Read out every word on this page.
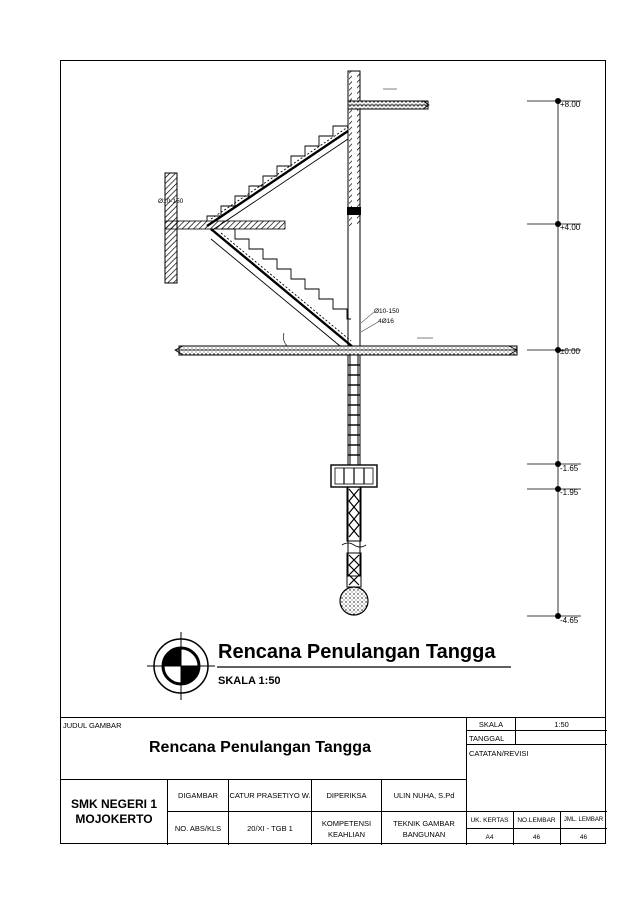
+8.00
+4.00
±0.00
-1.65
-1.95
-4.65
Ø10-150
Ø10-150
4Ø16
Rencana Penulangan Tangga
SKALA 1:50
JUDUL GAMBAR
Rencana Penulangan Tangga
SKALA	1:50
TANGGAL
CATATAN/REVISI
UK. KERTAS	NO.LEMBAR	JML. LEMBAR
A4	46	46
SMK NEGERI 1
MOJOKERTO
DIGAMBAR	CATUR PRASETIYO W.	DIPERIKSA	ULIN NUHA, S.Pd
NO. ABS/KLS	20/XI - TGB 1
KOMPETENSI
KEAHLIAN
TEKNIK GAMBAR
BANGUNAN
